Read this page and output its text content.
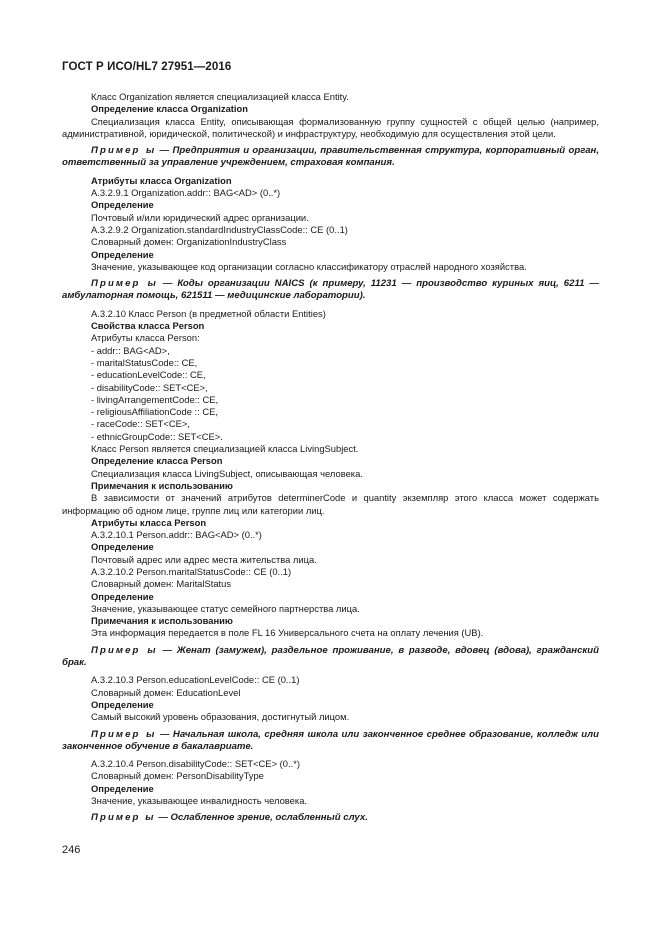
ГОСТ Р ИСО/HL7 27951—2016

Класс Organization является специализацией класса Entity.

Определение класса Organization

Специализация класса Entity, описывающая формализованную группу сущностей с общей целью (например, административной, юридической, политической) и инфраструктуру, необходимую для осуществления этой цели.

Пример ы — Предприятия и организации, правительственная структура, корпоративный орган, ответственный за управление учреждением, страховая компания.

Атрибуты класса Organization

A.3.2.9.1 Organization.addr:: BAG<AD> (0..*)

Определение

Почтовый и/или юридический адрес организации.

A.3.2.9.2 Organization.standardIndustryClassCode:: CE (0..1)

Словарный домен: OrganizationIndustryClass

Определение

Значение, указывающее код организации согласно классификатору отраслей народного хозяйства.

Пример ы — Коды организации NAICS (к примеру, 11231 — производство куриных яиц, 6211 — амбулаторная помощь, 621511 — медицинские лаборатории).

A.3.2.10 Класс Person (в предметной области Entities)

Свойства класса Person

Атрибуты класса Person:

- addr:: BAG<AD>,

- maritalStatusCode:: CE,

- educationLevelCode:: CE,

- disabilityCode:: SET<CE>,

- livingArrangementCode:: CE,

- religiousAffiliationCode :: CE,

- raceCode:: SET<CE>,

- ethnicGroupCode:: SET<CE>.

Класс Person является специализацией класса LivingSubject.

Определение класса Person

Специализация класса LivingSubject, описывающая человека.

Примечания к использованию

В зависимости от значений атрибутов determinerCode и quantity экземпляр этого класса может содержать информацию об одном лице, группе лиц или категории лиц.

Атрибуты класса Person

A.3.2.10.1 Person.addr:: BAG<AD> (0..*)

Определение

Почтовый адрес или адрес места жительства лица.

A.3.2.10.2 Person.maritalStatusCode:: CE (0..1)

Словарный домен: MaritalStatus

Определение

Значение, указывающее статус семейного партнерства лица.

Примечания к использованию

Эта информация передается в поле FL 16 Универсального счета на оплату лечения (UB).

Пример ы — Женат (замужем), раздельное проживание, в разводе, вдовец (вдова), гражданский брак.

A.3.2.10.3 Person.educationLevelCode:: CE (0..1)

Словарный домен: EducationLevel

Определение

Самый высокий уровень образования, достигнутый лицом.

Пример ы — Начальная школа, средняя школа или законченное среднее образование, колледж или законченное обучение в бакалавриате.

A.3.2.10.4 Person.disabilityCode:: SET<CE> (0..*)

Словарный домен: PersonDisabilityType

Определение

Значение, указывающее инвалидность человека.

Пример ы — Ослабленное зрение, ослабленный слух.

246
